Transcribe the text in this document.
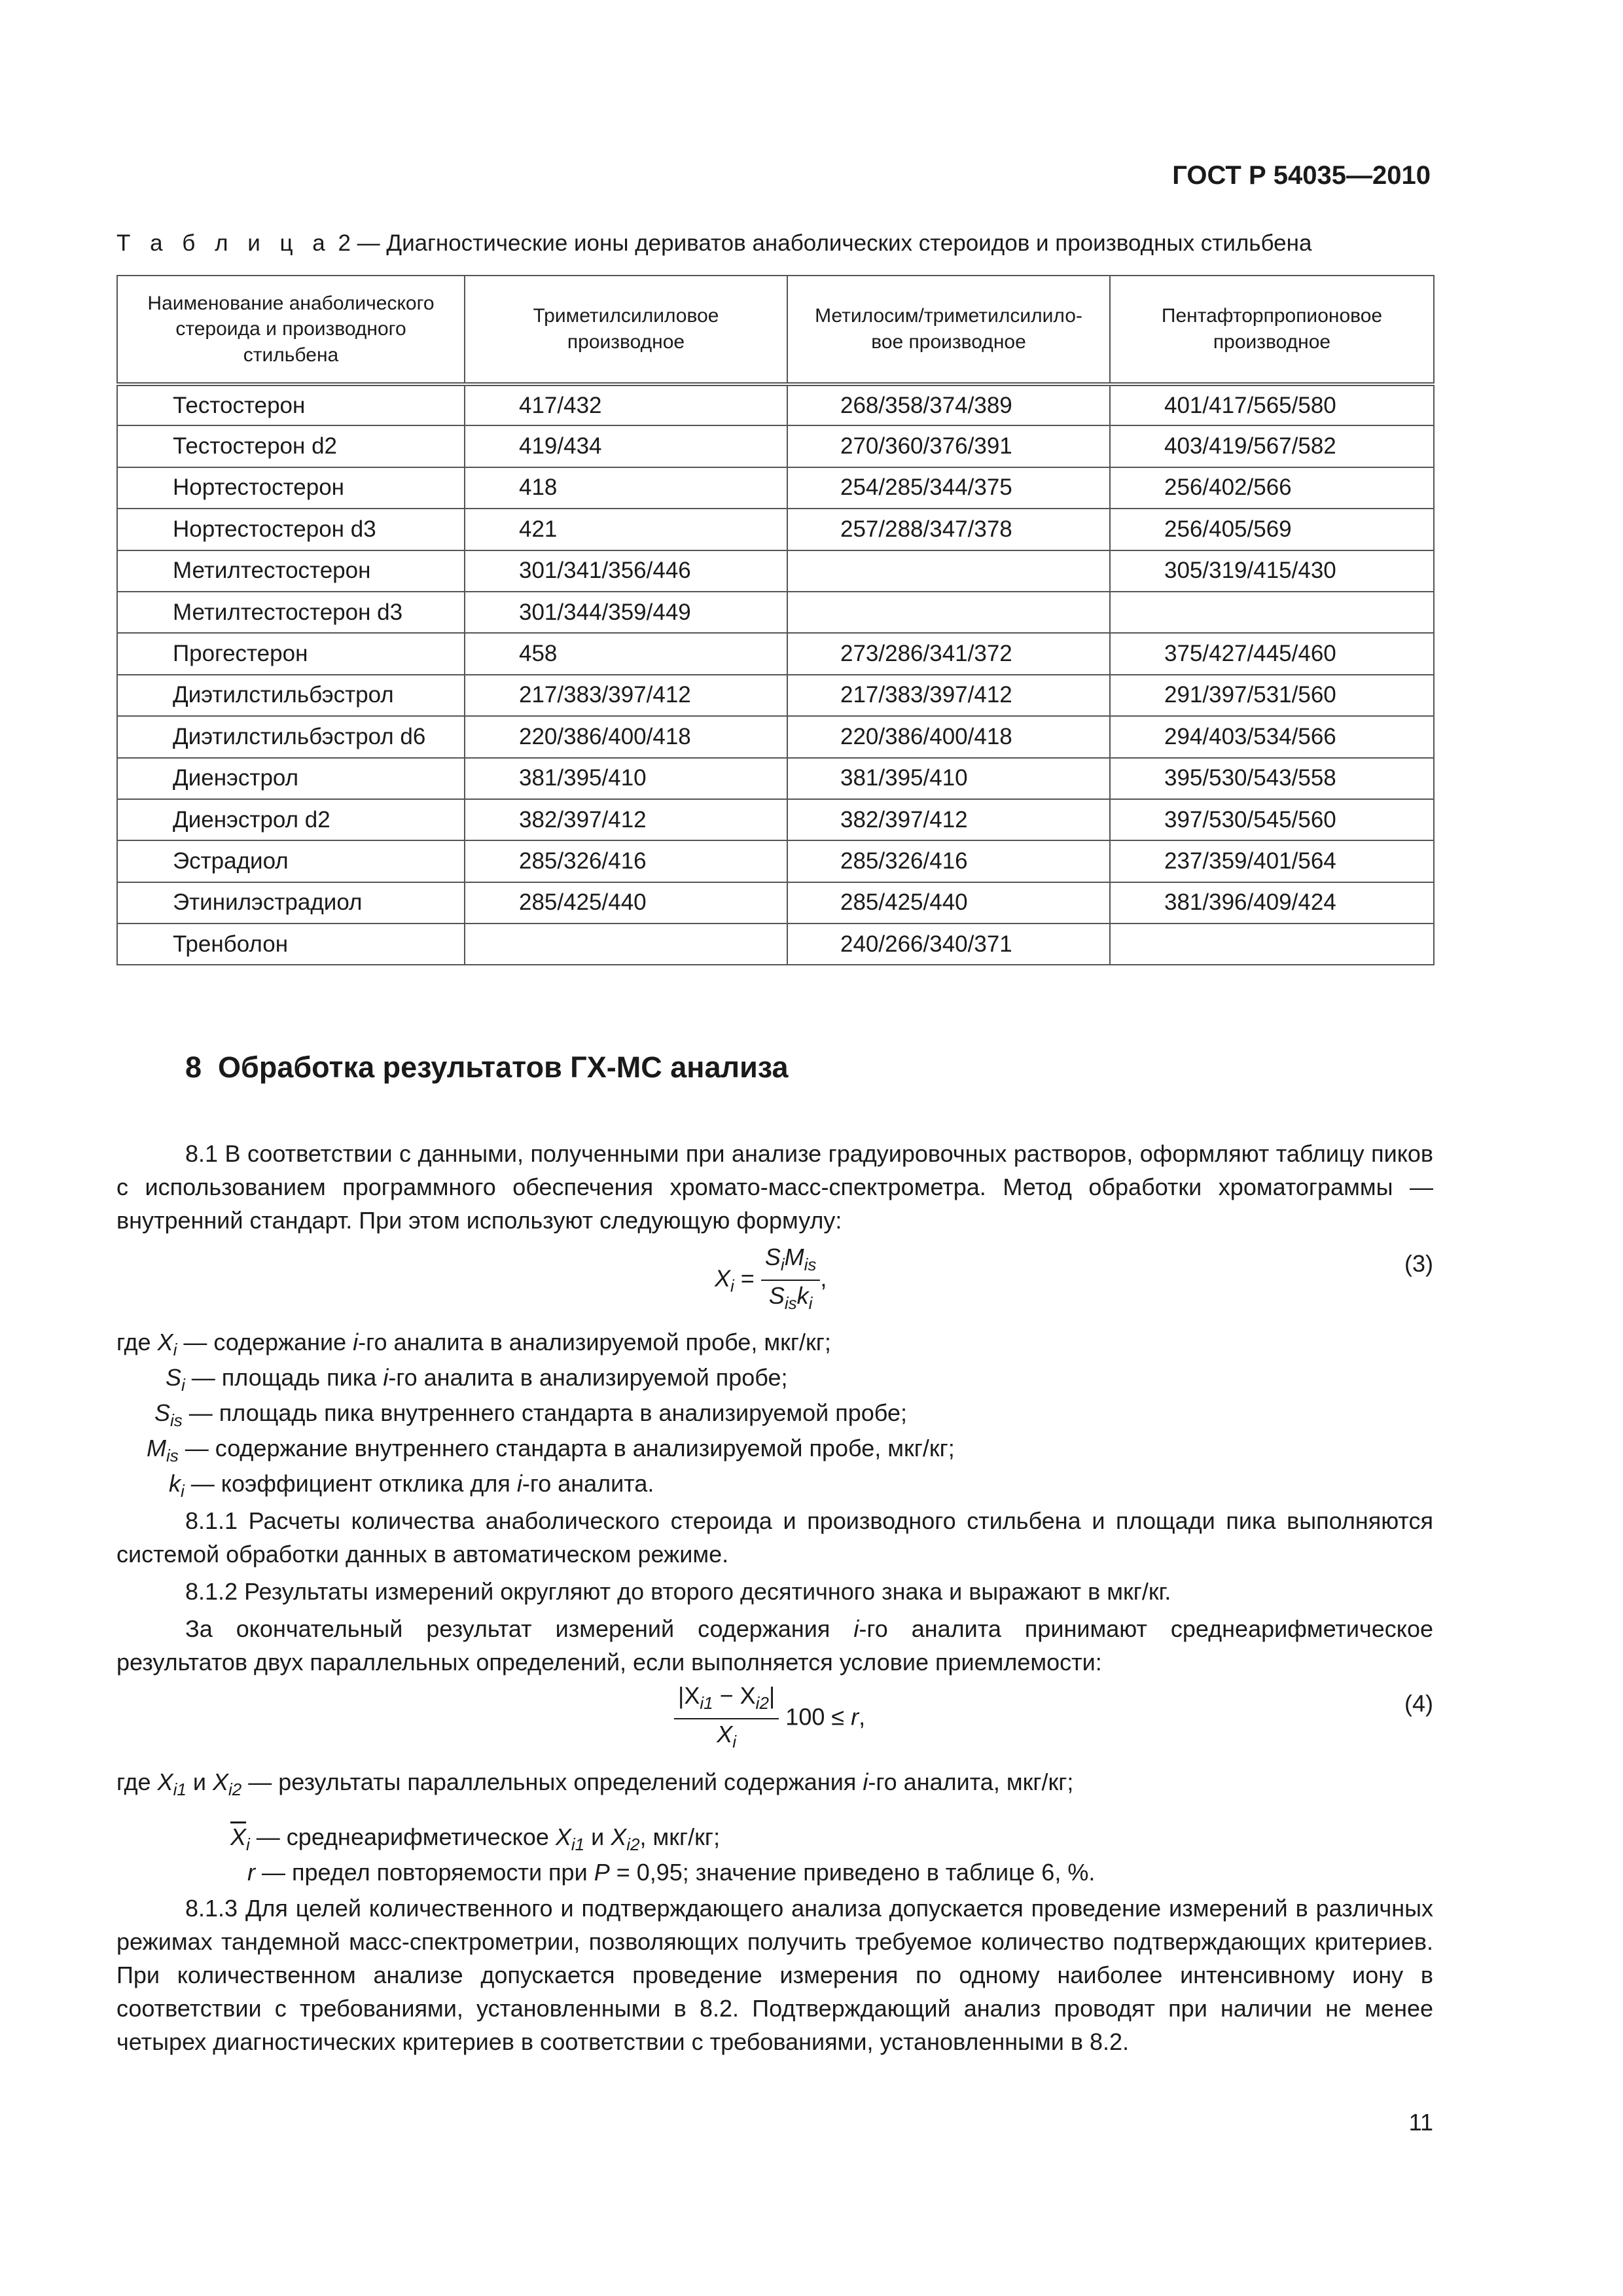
ГОСТ Р 54035—2010
Т а б л и ц а 2 — Диагностические ионы дериватов анаболических стероидов и производных стильбена
Наименование анаболического стероида и производного стильбена	Триметилсилиловое производное	Метилосим/триметилсилило-вое производное	Пентафторпропионовое производное
Тестостерон	417/432	268/358/374/389	401/417/565/580
Тестостерон d2	419/434	270/360/376/391	403/419/567/582
Нортестостерон	418	254/285/344/375	256/402/566
Нортестостерон d3	421	257/288/347/378	256/405/569
Метилтестостерон	301/341/356/446		305/319/415/430
Метилтестостерон d3	301/344/359/449		
Прогестерон	458	273/286/341/372	375/427/445/460
Диэтилстильбэстрол	217/383/397/412	217/383/397/412	291/397/531/560
Диэтилстильбэстрол d6	220/386/400/418	220/386/400/418	294/403/534/566
Диенэстрол	381/395/410	381/395/410	395/530/543/558
Диенэстрол d2	382/397/412	382/397/412	397/530/545/560
Эстрадиол	285/326/416	285/326/416	237/359/401/564
Этинилэстрадиол	285/425/440	285/425/440	381/396/409/424
Тренболон		240/266/340/371	
8 Обработка результатов ГХ-МС анализа

8.1 В соответствии с данными, полученными при анализе градуировочных растворов, оформляют таблицу пиков с использованием программного обеспечения хромато-масс-спектрометра. Метод обработки хроматограммы — внутренний стандарт. При этом используют следующую формулу:

$X_i = \frac{S_iM_{is}}{S_{is}k_i}$ ,
(3)
где $X_i$ — содержание i-го аналита в анализируемой пробе, мкг/кг;
$S_i$ — площадь пика i-го аналита в анализируемой пробе;
$S_{is}$ — площадь пика внутреннего стандарта в анализируемой пробе;
$M_{is}$ — содержание внутреннего стандарта в анализируемой пробе, мкг/кг;
$k_i$ — коэффициент отклика для i-го аналита.

8.1.1 Расчеты количества анаболического стероида и производного стильбена и площади пика выполняются системой обработки данных в автоматическом режиме.

8.1.2 Результаты измерений округляют до второго десятичного знака и выражают в мкг/кг.

За окончательный результат измерений содержания i-го аналита принимают среднеарифметическое результатов двух параллельных определений, если выполняется условие приемлемости:

$\frac{|X_{i1} - X_{i2}|}{X_i} 100 \le r$,
(4)
где $X_{i1}$ и $X_{i2}$ — результаты параллельных определений содержания i-го аналита, мкг/кг;
$\overline{X}_i$ — среднеарифметическое $X_{i1}$ и $X_{i2}$, мкг/кг;
r — предел повторяемости при P = 0,95; значение приведено в таблице 6, %.

8.1.3 Для целей количественного и подтверждающего анализа допускается проведение измерений в различных режимах тандемной масс-спектрометрии, позволяющих получить требуемое количество подтверждающих критериев. При количественном анализе допускается проведение измерения по одному наиболее интенсивному иону в соответствии с требованиями, установленными в 8.2. Подтверждающий анализ проводят при наличии не менее четырех диагностических критериев в соответствии с требованиями, установленными в 8.2.

11
